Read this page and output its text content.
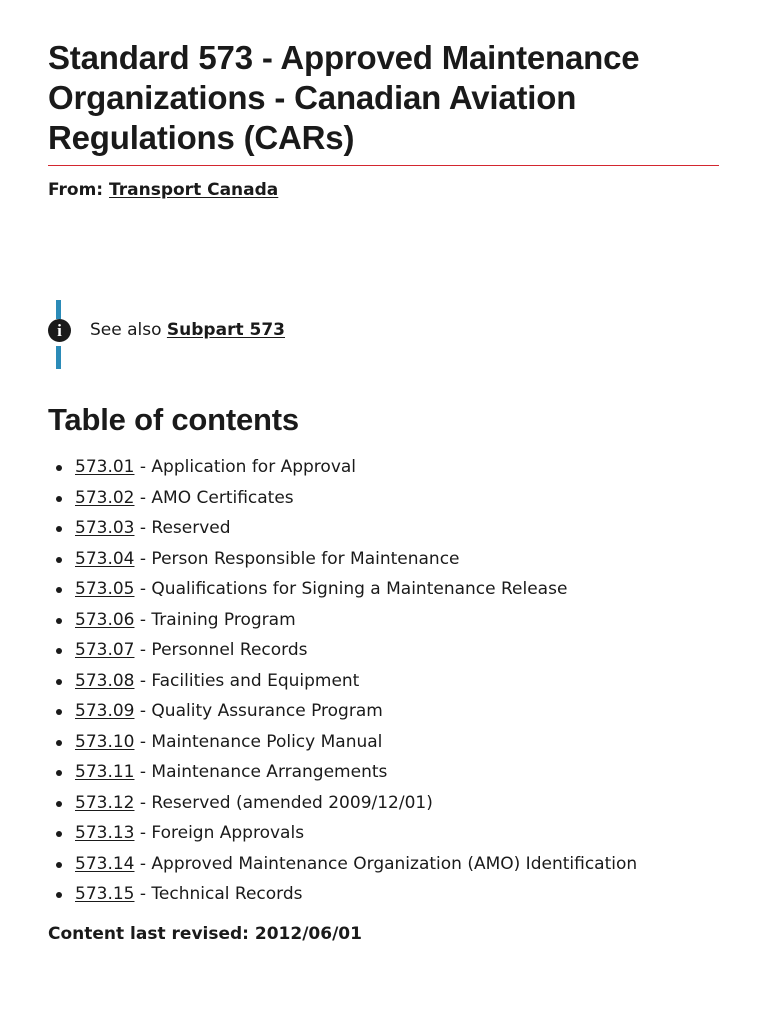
Standard 573 - Approved Maintenance Organizations - Canadian Aviation Regulations (CARs)
From: Transport Canada
i	See also Subpart 573
Table of contents
573.01 - Application for Approval
573.02 - AMO Certificates
573.03 - Reserved
573.04 - Person Responsible for Maintenance
573.05 - Qualifications for Signing a Maintenance Release
573.06 - Training Program
573.07 - Personnel Records
573.08 - Facilities and Equipment
573.09 - Quality Assurance Program
573.10 - Maintenance Policy Manual
573.11 - Maintenance Arrangements
573.12 - Reserved (amended 2009/12/01)
573.13 - Foreign Approvals
573.14 - Approved Maintenance Organization (AMO) Identification
573.15 - Technical Records
Content last revised: 2012/06/01
